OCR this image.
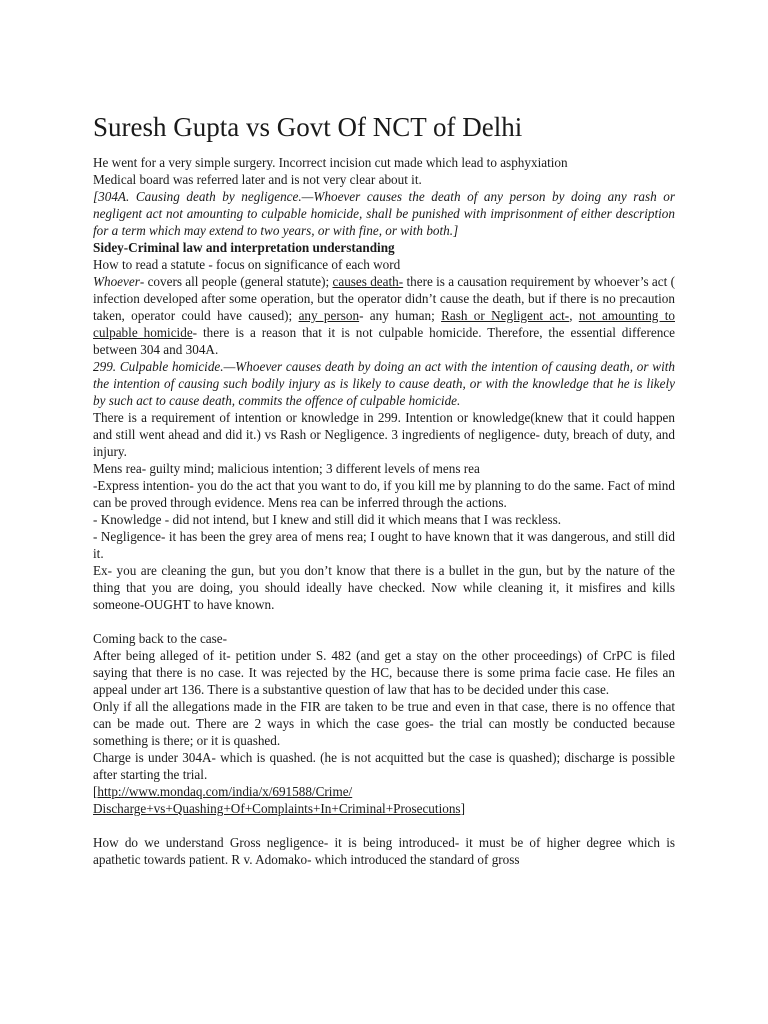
Suresh Gupta vs Govt Of NCT of Delhi

He went for a very simple surgery. Incorrect incision cut made which lead to asphyxiation

Medical board was referred later and is not very clear about it.

[304A. Causing death by negligence.—Whoever causes the death of any person by doing any rash or negligent act not amounting to culpable homicide, shall be punished with imprisonment of either description for a term which may extend to two years, or with fine, or with both.]

Sidey-Criminal law and interpretation understanding

How to read a statute - focus on significance of each word

Whoever- covers all people (general statute); causes death- there is a causation requirement by whoever’s act ( infection developed after some operation, but the operator didn’t cause the death, but if there is no precaution taken, operator could have caused); any person- any human; Rash or Negligent act-, not amounting to culpable homicide- there is a reason that it is not culpable homicide. Therefore, the essential difference between 304 and 304A.

299. Culpable homicide.—Whoever causes death by doing an act with the intention of causing death, or with the intention of causing such bodily injury as is likely to cause death, or with the knowledge that he is likely by such act to cause death, commits the offence of culpable homicide.

There is a requirement of intention or knowledge in 299. Intention or knowledge(knew that it could happen and still went ahead and did it.) vs Rash or Negligence. 3 ingredients of negligence- duty, breach of duty, and injury.

Mens rea- guilty mind; malicious intention; 3 different levels of mens rea

-Express intention- you do the act that you want to do, if you kill me by planning to do the same. Fact of mind can be proved through evidence. Mens rea can be inferred through the actions.

- Knowledge - did not intend, but I knew and still did it which means that I was reckless.

- Negligence- it has been the grey area of mens rea; I ought to have known that it was dangerous, and still did it.

Ex- you are cleaning the gun, but you don’t know that there is a bullet in the gun, but by the nature of the thing that you are doing, you should ideally have checked. Now while cleaning it, it misfires and kills someone-OUGHT to have known.

Coming back to the case-

After being alleged of it- petition under S. 482 (and get a stay on the other proceedings) of CrPC is filed saying that there is no case. It was rejected by the HC, because there is some prima facie case. He files an appeal under art 136. There is a substantive question of law that has to be decided under this case.

Only if all the allegations made in the FIR are taken to be true and even in that case, there is no offence that can be made out. There are 2 ways in which the case goes- the trial can mostly be conducted because something is there; or it is quashed.

Charge is under 304A- which is quashed. (he is not acquitted but the case is quashed); discharge is possible after starting the trial.

[http://www.mondaq.com/india/x/691588/Crime/
Discharge+vs+Quashing+Of+Complaints+In+Criminal+Prosecutions]

How do we understand Gross negligence- it is being introduced- it must be of higher degree which is apathetic towards patient. R v. Adomako- which introduced the standard of gross
